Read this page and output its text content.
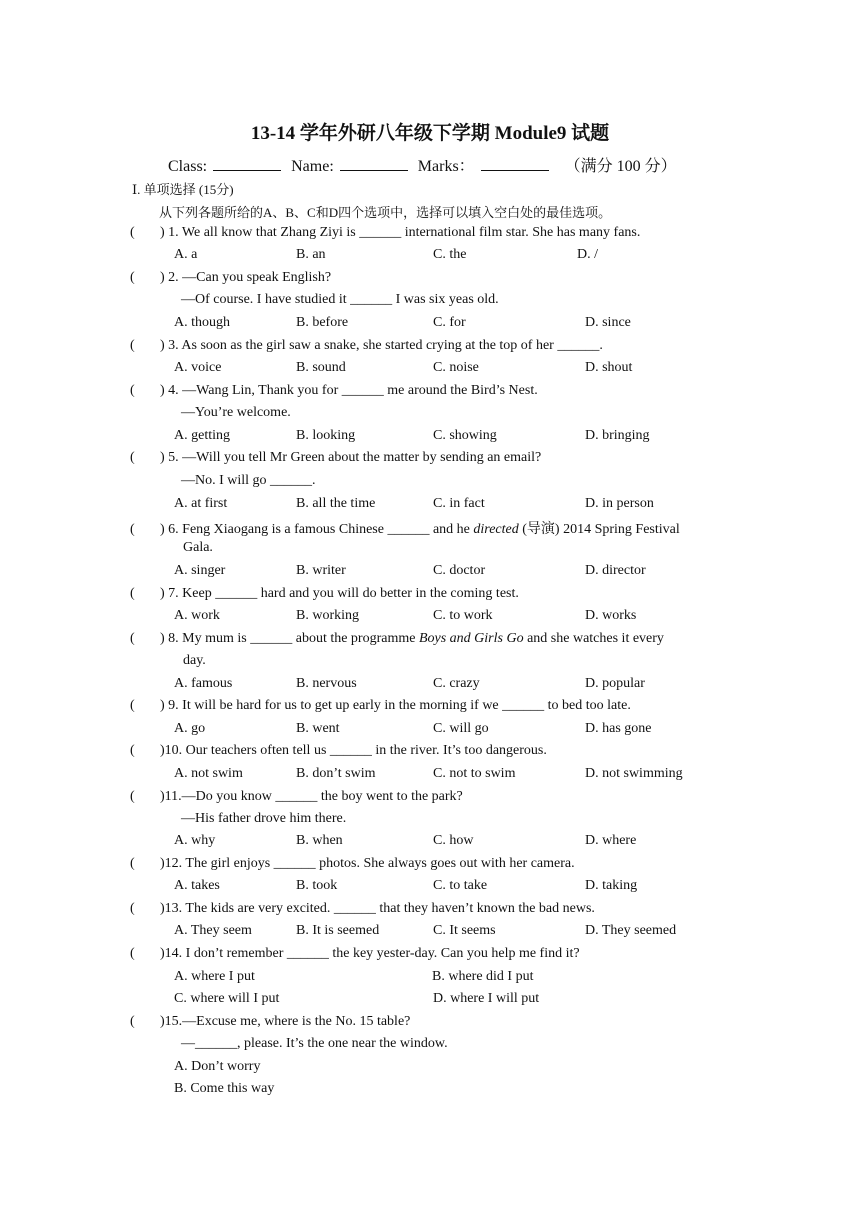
13-14 学年外研八年级下学期 Module9 试题
Class:	Name:	Marks：	（满分 100 分）
Ⅰ. 单项选择 (15分)
从下列各题所给的A、B、C和D四个选项中，选择可以填入空白处的最佳选项。
( ) 1. We all know that Zhang Ziyi is ______ international film star. She has many fans.
A. a	B. an	C. the	D. /
( ) 2. —Can you speak English?
—Of course. I have studied it ______ I was six yeas old.
A. though	B. before	C. for	D. since
( ) 3. As soon as the girl saw a snake, she started crying at the top of her ______.
A. voice	B. sound	C. noise	D. shout
( ) 4. —Wang Lin, Thank you for ______ me around the Bird’s Nest.
—You’re welcome.
A. getting	B. looking	C. showing	D. bringing
( ) 5. —Will you tell Mr Green about the matter by sending an email?
—No. I will go ______.
A. at first	B. all the time	C. in fact	D. in person
( ) 6. Feng Xiaogang is a famous Chinese ______ and he directed (导演) 2014 Spring Festival
Gala.
A. singer	B. writer	C. doctor	D. director
( ) 7. Keep ______ hard and you will do better in the coming test.
A. work	B. working	C. to work	D. works
( ) 8. My mum is ______ about the programme Boys and Girls Go and she watches it every
day.
A. famous	B. nervous	C. crazy	D. popular
( ) 9. It will be hard for us to get up early in the morning if we ______ to bed too late.
A. go	B. went	C. will go	D. has gone
( )10. Our teachers often tell us ______ in the river. It’s too dangerous.
A. not swim	B. don’t swim	C. not to swim	D. not swimming
( )11.—Do you know ______ the boy went to the park?
—His father drove him there.
A. why	B. when	C. how	D. where
( )12. The girl enjoys ______ photos. She always goes out with her camera.
A. takes	B. took	C. to take	D. taking
( )13. The kids are very excited. ______ that they haven’t known the bad news.
A. They seem	B. It is seemed	C. It seems	D. They seemed
( )14. I don’t remember ______ the key yester-day. Can you help me find it?
A. where I put	B. where did I put
C. where will I put	D. where I will put
( )15.—Excuse me, where is the No. 15 table?
—______, please. It’s the one near the window.
A. Don’t worry
B. Come this way
